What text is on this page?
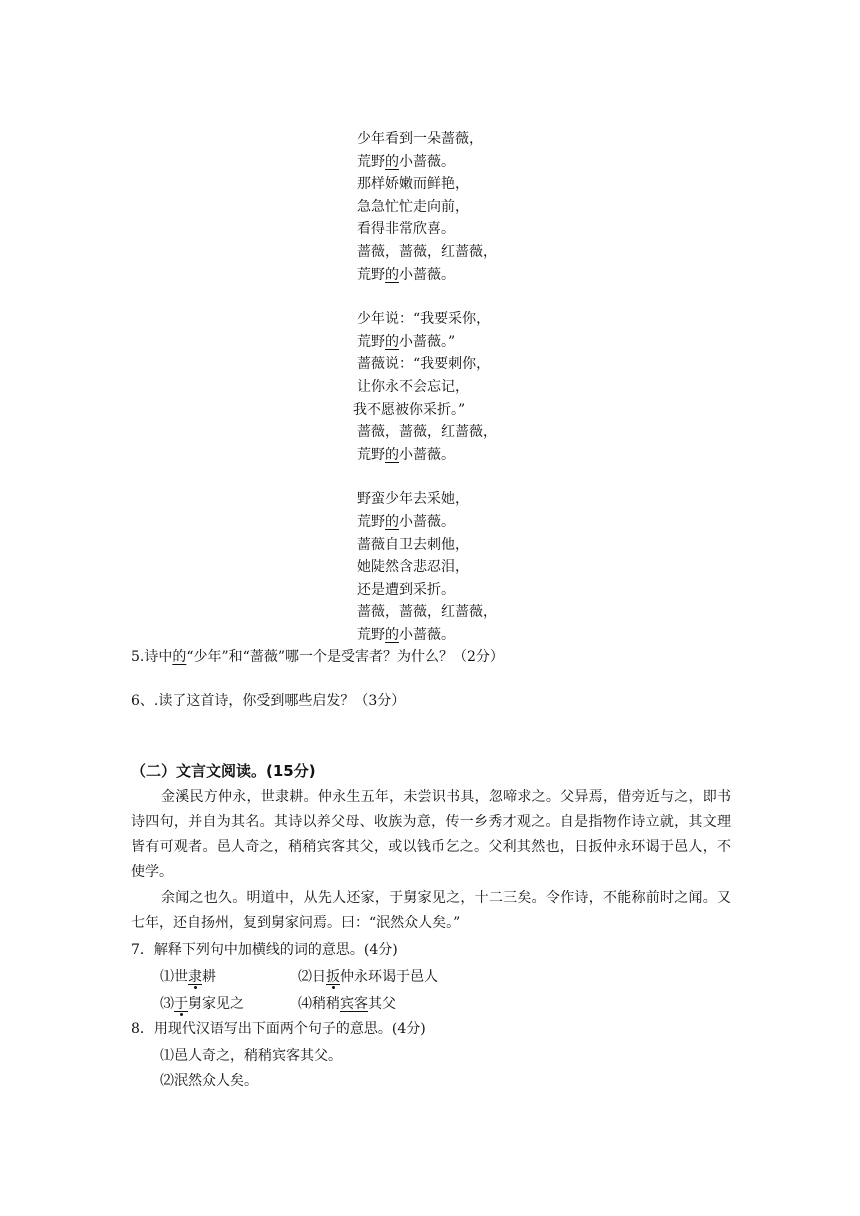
少年看到一朵蔷薇，
荒野的小蔷薇。
那样娇嫩而鲜艳，
急急忙忙走向前，
看得非常欣喜。
蔷薇，蔷薇，红蔷薇，
荒野的小蔷薇。
少年说：“我要采你，
荒野的小蔷薇。”
蔷薇说：“我要刺你，
让你永不会忘记，
我不愿被你采折。”
蔷薇，蔷薇，红蔷薇，
荒野的小蔷薇。
野蛮少年去采她，
荒野的小蔷薇。
蔷薇自卫去刺他，
她陡然含悲忍泪，
还是遭到采折。
蔷薇，蔷薇，红蔷薇，
荒野的小蔷薇。
5.诗中的“少年”和“蔷薇”哪一个是受害者？为什么？（2分）
6、.读了这首诗，你受到哪些启发？（3分）
（二）文言文阅读。(15分)
金溪民方仲永，世隶耕。仲永生五年，未尝识书具，忽啼求之。父异焉，借旁近与之，即书诗四句，并自为其名。其诗以养父母、收族为意，传一乡秀才观之。自是指物作诗立就，其文理皆有可观者。邑人奇之，稍稍宾客其父，或以钱币乞之。父利其然也，日扳仲永环谒于邑人，不使学。
余闻之也久。明道中，从先人还家，于舅家见之，十二三矣。令作诗，不能称前时之闻。又七年，还自扬州，复到舅家问焉。曰：“泯然众人矣。”
7．解释下列句中加横线的词的意思。(4分)
⑴世隶耕	⑵日扳仲永环谒于邑人
⑶于舅家见之	⑷稍稍宾客其父
8．用现代汉语写出下面两个句子的意思。(4分)
⑴邑人奇之，稍稍宾客其父。
⑵泯然众人矣。
